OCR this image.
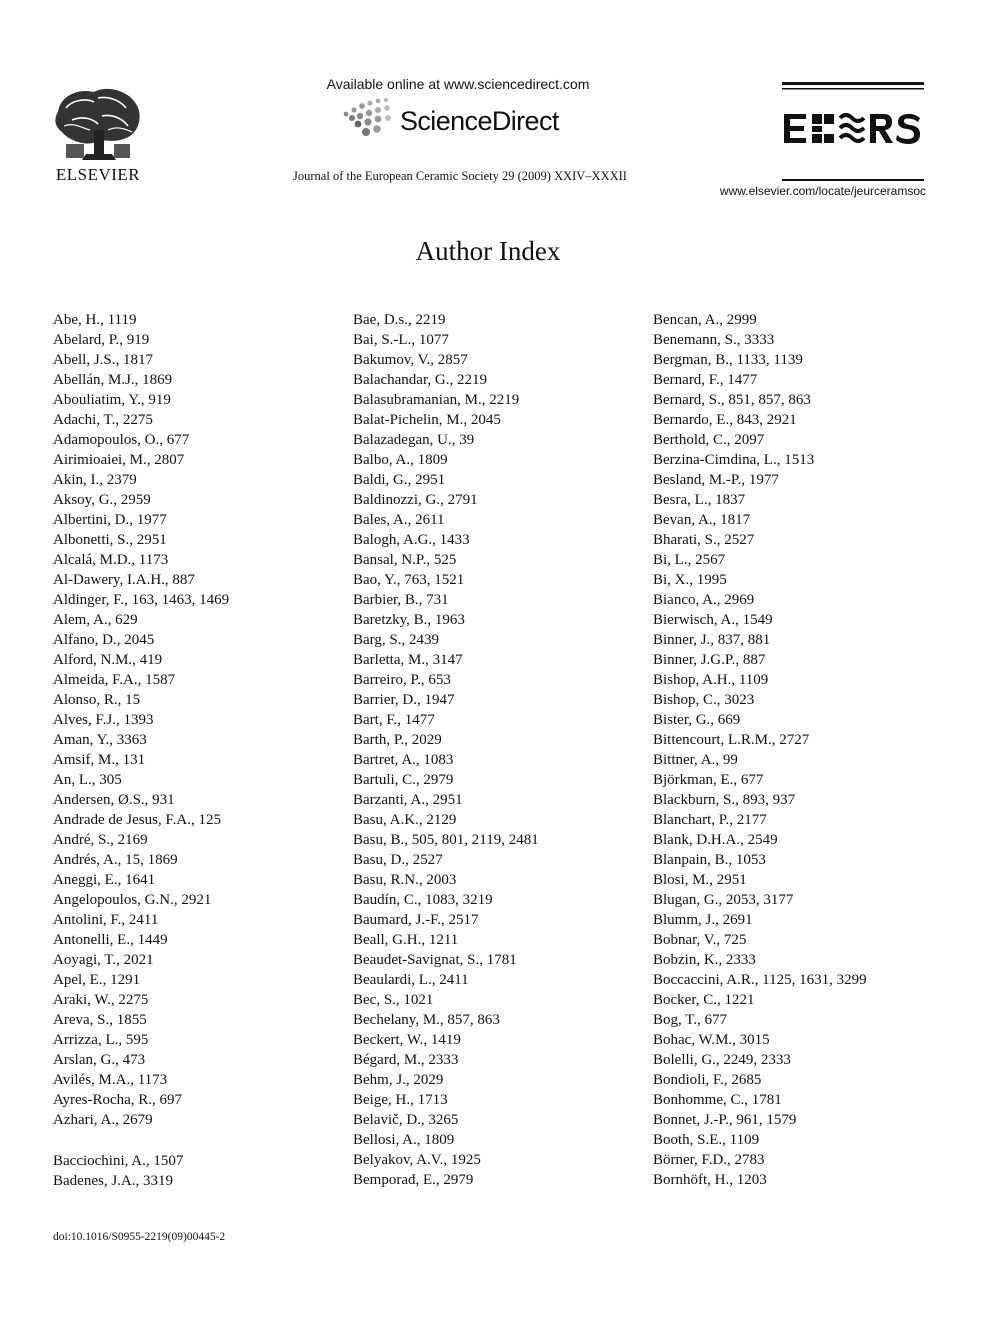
ELSEVIER
Available online at www.sciencedirect.com
ScienceDirect
Journal of the European Ceramic Society 29 (2009) XXIV–XXXII
www.elsevier.com/locate/jeurceramsoc
Author Index
Abe, H., 1119
Abelard, P., 919
Abell, J.S., 1817
Abellán, M.J., 1869
Abouliatim, Y., 919
Adachi, T., 2275
Adamopoulos, O., 677
Airimioaiei, M., 2807
Akin, I., 2379
Aksoy, G., 2959
Albertini, D., 1977
Albonetti, S., 2951
Alcalá, M.D., 1173
Al-Dawery, I.A.H., 887
Aldinger, F., 163, 1463, 1469
Alem, A., 629
Alfano, D., 2045
Alford, N.M., 419
Almeida, F.A., 1587
Alonso, R., 15
Alves, F.J., 1393
Aman, Y., 3363
Amsif, M., 131
An, L., 305
Andersen, Ø.S., 931
Andrade de Jesus, F.A., 125
André, S., 2169
Andrés, A., 15, 1869
Aneggi, E., 1641
Angelopoulos, G.N., 2921
Antolini, F., 2411
Antonelli, E., 1449
Aoyagi, T., 2021
Apel, E., 1291
Araki, W., 2275
Areva, S., 1855
Arrizza, L., 595
Arslan, G., 473
Avilés, M.A., 1173
Ayres-Rocha, R., 697
Azhari, A., 2679
Bacciochini, A., 1507
Badenes, J.A., 3319
Bae, D.s., 2219
Bai, S.-L., 1077
Bakumov, V., 2857
Balachandar, G., 2219
Balasubramanian, M., 2219
Balat-Pichelin, M., 2045
Balazadegan, U., 39
Balbo, A., 1809
Baldi, G., 2951
Baldinozzi, G., 2791
Bales, A., 2611
Balogh, A.G., 1433
Bansal, N.P., 525
Bao, Y., 763, 1521
Barbier, B., 731
Baretzky, B., 1963
Barg, S., 2439
Barletta, M., 3147
Barreiro, P., 653
Barrier, D., 1947
Bart, F., 1477
Barth, P., 2029
Bartret, A., 1083
Bartuli, C., 2979
Barzanti, A., 2951
Basu, A.K., 2129
Basu, B., 505, 801, 2119, 2481
Basu, D., 2527
Basu, R.N., 2003
Baudín, C., 1083, 3219
Baumard, J.-F., 2517
Beall, G.H., 1211
Beaudet-Savignat, S., 1781
Beaulardi, L., 2411
Bec, S., 1021
Bechelany, M., 857, 863
Beckert, W., 1419
Bégard, M., 2333
Behm, J., 2029
Beige, H., 1713
Belavič, D., 3265
Bellosi, A., 1809
Belyakov, A.V., 1925
Bemporad, E., 2979
Bencan, A., 2999
Benemann, S., 3333
Bergman, B., 1133, 1139
Bernard, F., 1477
Bernard, S., 851, 857, 863
Bernardo, E., 843, 2921
Berthold, C., 2097
Berzina-Cimdina, L., 1513
Besland, M.-P., 1977
Besra, L., 1837
Bevan, A., 1817
Bharati, S., 2527
Bi, L., 2567
Bi, X., 1995
Bianco, A., 2969
Bierwisch, A., 1549
Binner, J., 837, 881
Binner, J.G.P., 887
Bishop, A.H., 1109
Bishop, C., 3023
Bister, G., 669
Bittencourt, L.R.M., 2727
Bittner, A., 99
Björkman, E., 677
Blackburn, S., 893, 937
Blanchart, P., 2177
Blank, D.H.A., 2549
Blanpain, B., 1053
Blosi, M., 2951
Blugan, G., 2053, 3177
Blumm, J., 2691
Bobnar, V., 725
Bobzin, K., 2333
Boccaccini, A.R., 1125, 1631, 3299
Bocker, C., 1221
Bog, T., 677
Bohac, W.M., 3015
Bolelli, G., 2249, 2333
Bondioli, F., 2685
Bonhomme, C., 1781
Bonnet, J.-P., 961, 1579
Booth, S.E., 1109
Börner, F.D., 2783
Bornhöft, H., 1203
doi:10.1016/S0955-2219(09)00445-2
